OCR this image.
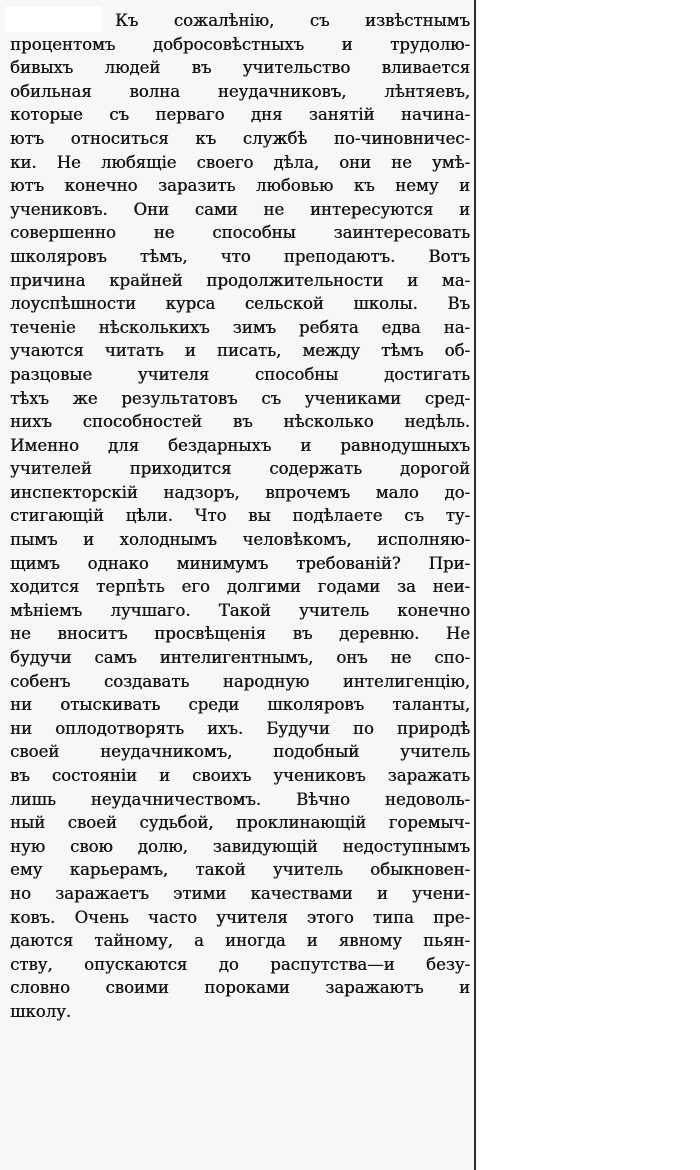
Къ сожалѣнію, съ извѣстнымъ
процентомъ добросовѣстныхъ и трудолю-
бивыхъ людей въ учительство вливается
обильная волна неудачниковъ, лѣнтяевъ,
которые съ перваго дня занятій начина-
ютъ относиться къ службѣ по-чиновничес-
ки. Не любящіе своего дѣла, они не умѣ-
ютъ конечно заразить любовью къ нему и
учениковъ. Они сами не интересуются и
совершенно не способны заинтересовать
школяровъ тѣмъ, что преподаютъ. Вотъ
причина крайней продолжительности и ма-
лоуспѣшности курса сельской школы. Въ
теченіе нѣсколькихъ зимъ ребята едва на-
учаются читать и писать, между тѣмъ об-
разцовые учителя способны достигать
тѣхъ же результатовъ съ учениками сред-
нихъ способностей въ нѣсколько недѣль.
Именно для бездарныхъ и равнодушныхъ
учителей приходится содержать дорогой
инспекторскій надзоръ, впрочемъ мало до-
стигающій цѣли. Что вы подѣлаете съ ту-
пымъ и холоднымъ человѣкомъ, исполняю-
щимъ однако минимумъ требованій? При-
ходится терпѣть его долгими годами за неи-
мѣніемъ лучшаго. Такой учитель конечно
не вноситъ просвѣщенія въ деревню. Не
будучи самъ интелигентнымъ, онъ не спо-
собенъ создавать народную интелигенцію,
ни отыскивать среди школяровъ таланты,
ни оплодотворять ихъ. Будучи по природѣ
своей неудачникомъ, подобный учитель
въ состояніи и своихъ учениковъ заражать
лишь неудачничествомъ. Вѣчно недоволь-
ный своей судьбой, проклинающій горемыч-
ную свою долю, завидующій недоступнымъ
ему карьерамъ, такой учитель обыкновен-
но заражаетъ этими качествами и учени-
ковъ. Очень часто учителя этого типа пре-
даются тайному, а иногда и явному пьян-
ству, опускаются до распутства—и безу-
словно своими пороками заражаютъ и
школу.
